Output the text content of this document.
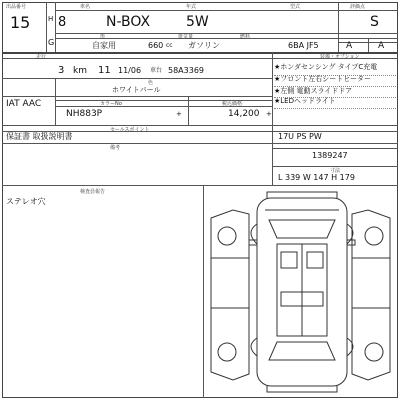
出品番号
15	H
G
車名	年式	型式
8	N-BOX	5W
形	排気量	燃料
自家用	660 cc ガソリン	6BA JF5
評価点
S
A	A
走行	装備・オプション
3 km 11 11/06 車台 58A3369
色
ホワイトパール
IAT AAC	カラーNo	税込価格
NH883P	+	14,200 +
★ホンダセンシング タイプC充電
★フロント左右シートヒーター
★左側 電動スライドドア
★LEDヘッドライト
セールスポイント
保証書 取扱説明書	17U PS PW
備考
1389247
寸法
L 339 W 147 H 179
検査員報告
ステレオ穴
